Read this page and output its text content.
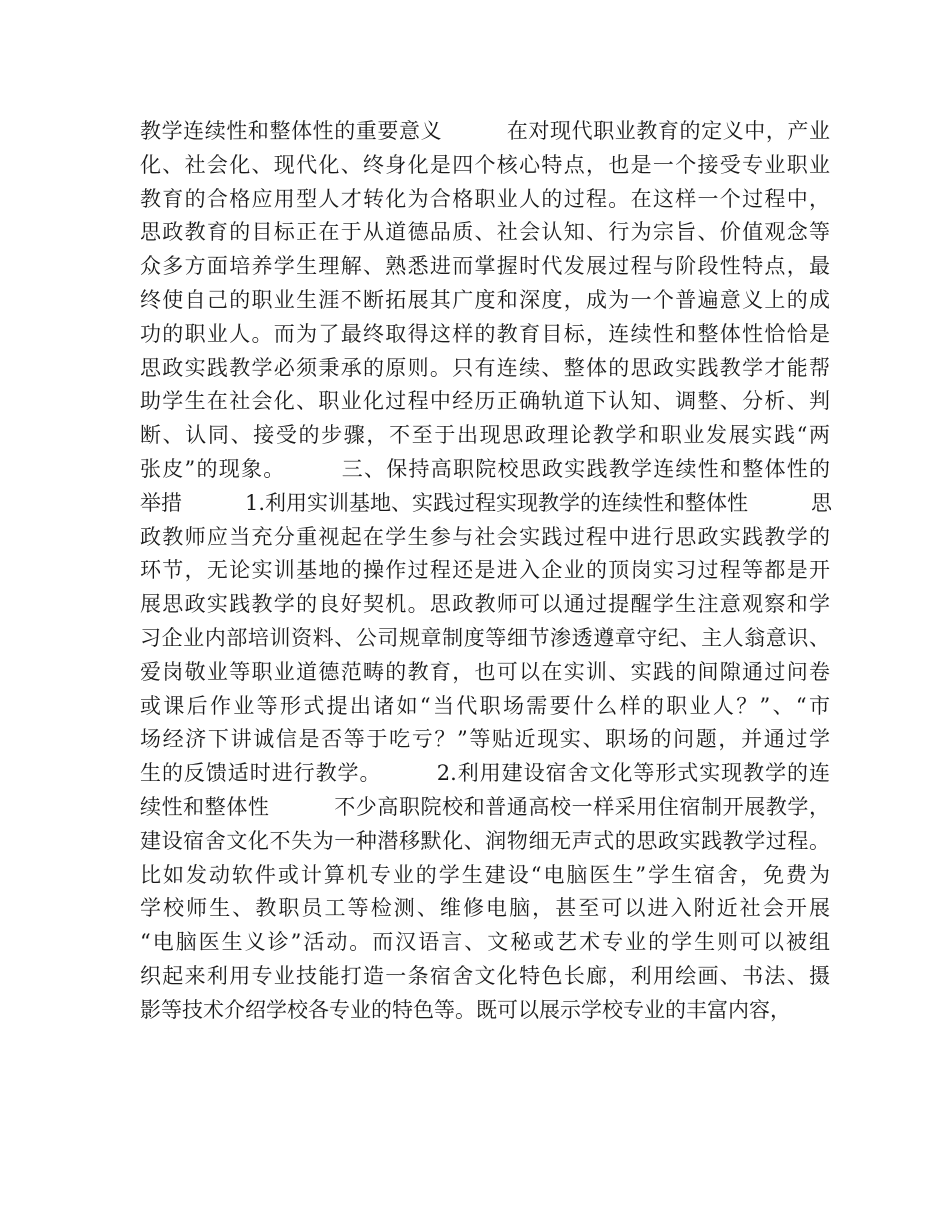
教学连续性和整体性的重要意义　　　在对现代职业教育的定义中，产业
化、社会化、现代化、终身化是四个核心特点，也是一个接受专业职业
教育的合格应用型人才转化为合格职业人的过程。在这样一个过程中，
思政教育的目标正在于从道德品质、社会认知、行为宗旨、价值观念等
众多方面培养学生理解、熟悉进而掌握时代发展过程与阶段性特点，最
终使自己的职业生涯不断拓展其广度和深度，成为一个普遍意义上的成
功的职业人。而为了最终取得这样的教育目标，连续性和整体性恰恰是
思政实践教学必须秉承的原则。只有连续、整体的思政实践教学才能帮
助学生在社会化、职业化过程中经历正确轨道下认知、调整、分析、判
断、认同、接受的步骤，不至于出现思政理论教学和职业发展实践“两
张皮”的现象。　　　三、保持高职院校思政实践教学连续性和整体性的
举措　　　1.利用实训基地、实践过程实现教学的连续性和整体性　　　思
政教师应当充分重视起在学生参与社会实践过程中进行思政实践教学的
环节，无论实训基地的操作过程还是进入企业的顶岗实习过程等都是开
展思政实践教学的良好契机。思政教师可以通过提醒学生注意观察和学
习企业内部培训资料、公司规章制度等细节渗透遵章守纪、主人翁意识、
爱岗敬业等职业道德范畴的教育，也可以在实训、实践的间隙通过问卷
或课后作业等形式提出诸如“当代职场需要什么样的职业人？”、“市
场经济下讲诚信是否等于吃亏？”等贴近现实、职场的问题，并通过学
生的反馈适时进行教学。　　　2.利用建设宿舍文化等形式实现教学的连
续性和整体性　　　不少高职院校和普通高校一样采用住宿制开展教学，
建设宿舍文化不失为一种潜移默化、润物细无声式的思政实践教学过程。
比如发动软件或计算机专业的学生建设“电脑医生”学生宿舍，免费为
学校师生、教职员工等检测、维修电脑，甚至可以进入附近社会开展
“电脑医生义诊”活动。而汉语言、文秘或艺术专业的学生则可以被组
织起来利用专业技能打造一条宿舍文化特色长廊，利用绘画、书法、摄
影等技术介绍学校各专业的特色等。既可以展示学校专业的丰富内容，
